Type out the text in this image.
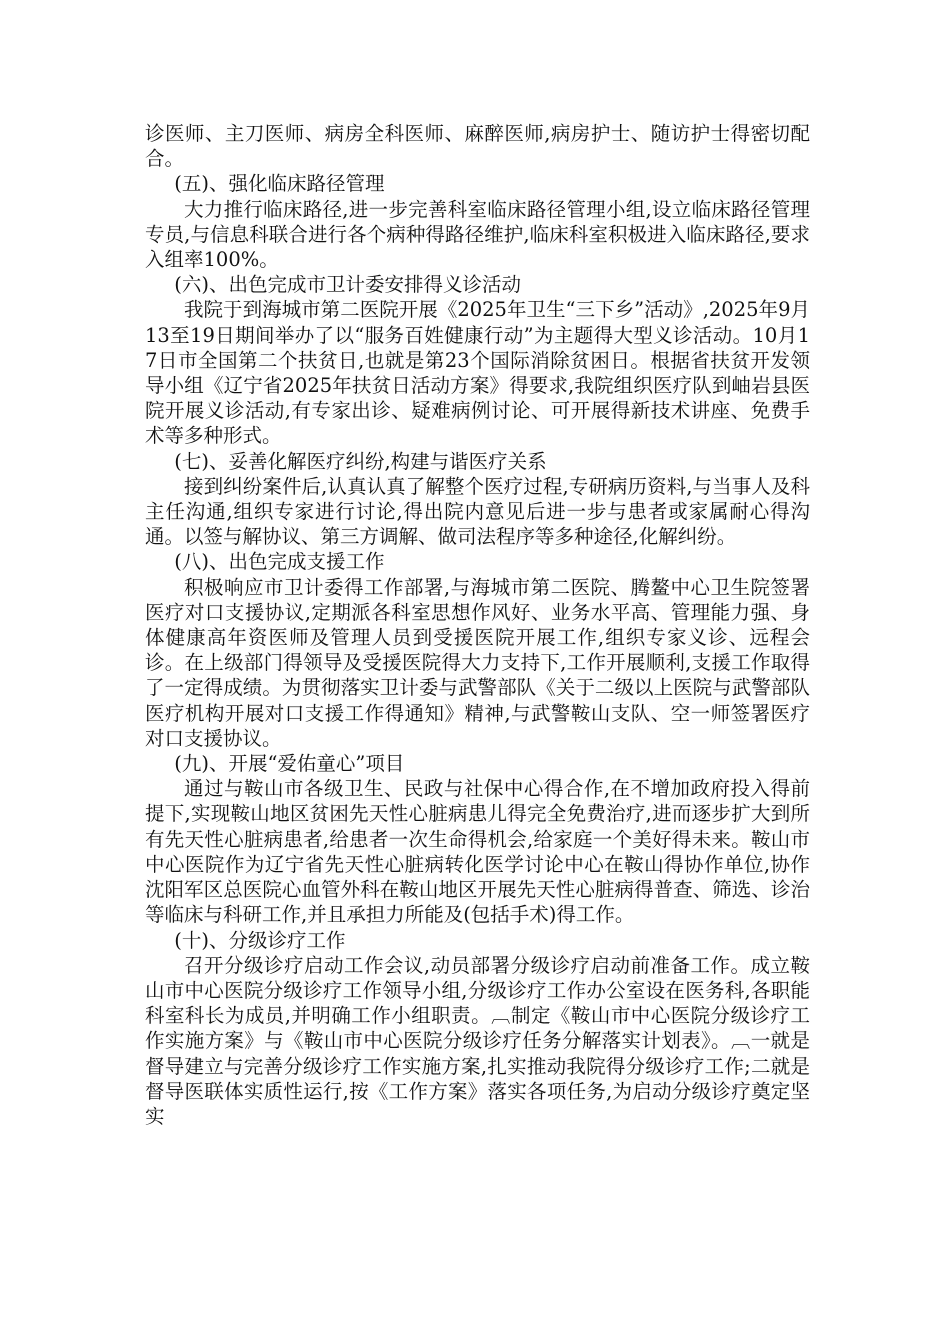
诊医师、主刀医师、病房全科医师、麻醉医师,病房护士、随访护士得密切配合。

(五)、强化临床路径管理

大力推行临床路径,进一步完善科室临床路径管理小组,设立临床路径管理专员,与信息科联合进行各个病种得路径维护,临床科室积极进入临床路径,要求入组率100%。

(六)、出色完成市卫计委安排得义诊活动

我院于到海城市第二医院开展《2025年卫生“三下乡”活动》,2025年9月13至19日期间举办了以“服务百姓健康行动”为主题得大型义诊活动。10月17日市全国第二个扶贫日,也就是第23个国际消除贫困日。根据省扶贫开发领导小组《辽宁省2025年扶贫日活动方案》得要求,我院组织医疗队到岫岩县医院开展义诊活动,有专家出诊、疑难病例讨论、可开展得新技术讲座、免费手术等多种形式。

(七)、妥善化解医疗纠纷,构建与谐医疗关系

接到纠纷案件后,认真认真了解整个医疗过程,专研病历资料,与当事人及科主任沟通,组织专家进行讨论,得出院内意见后进一步与患者或家属耐心得沟通。以签与解协议、第三方调解、做司法程序等多种途径,化解纠纷。

(八)、出色完成支援工作

积极响应市卫计委得工作部署,与海城市第二医院、腾鳌中心卫生院签署医疗对口支援协议,定期派各科室思想作风好、业务水平高、管理能力强、身体健康高年资医师及管理人员到受援医院开展工作,组织专家义诊、远程会诊。在上级部门得领导及受援医院得大力支持下,工作开展顺利,支援工作取得了一定得成绩。为贯彻落实卫计委与武警部队《关于二级以上医院与武警部队医疗机构开展对口支援工作得通知》精神,与武警鞍山支队、空一师签署医疗对口支援协议。

(九)、开展“爱佑童心”项目

通过与鞍山市各级卫生、民政与社保中心得合作,在不增加政府投入得前提下,实现鞍山地区贫困先天性心脏病患儿得完全免费治疗,进而逐步扩大到所有先天性心脏病患者,给患者一次生命得机会,给家庭一个美好得未来。鞍山市中心医院作为辽宁省先天性心脏病转化医学讨论中心在鞍山得协作单位,协作沈阳军区总医院心血管外科在鞍山地区开展先天性心脏病得普查、筛选、诊治等临床与科研工作,并且承担力所能及(包括手术)得工作。

(十)、分级诊疗工作

召开分级诊疗启动工作会议,动员部署分级诊疗启动前准备工作。成立鞍山市中心医院分级诊疗工作领导小组,分级诊疗工作办公室设在医务科,各职能科室科长为成员,并明确工作小组职责。︹制定《鞍山市中心医院分级诊疗工作实施方案》与《鞍山市中心医院分级诊疗任务分解落实计划表》。︹一就是督导建立与完善分级诊疗工作实施方案,扎实推动我院得分级诊疗工作;二就是督导医联体实质性运行,按《工作方案》落实各项任务,为启动分级诊疗奠定坚实
